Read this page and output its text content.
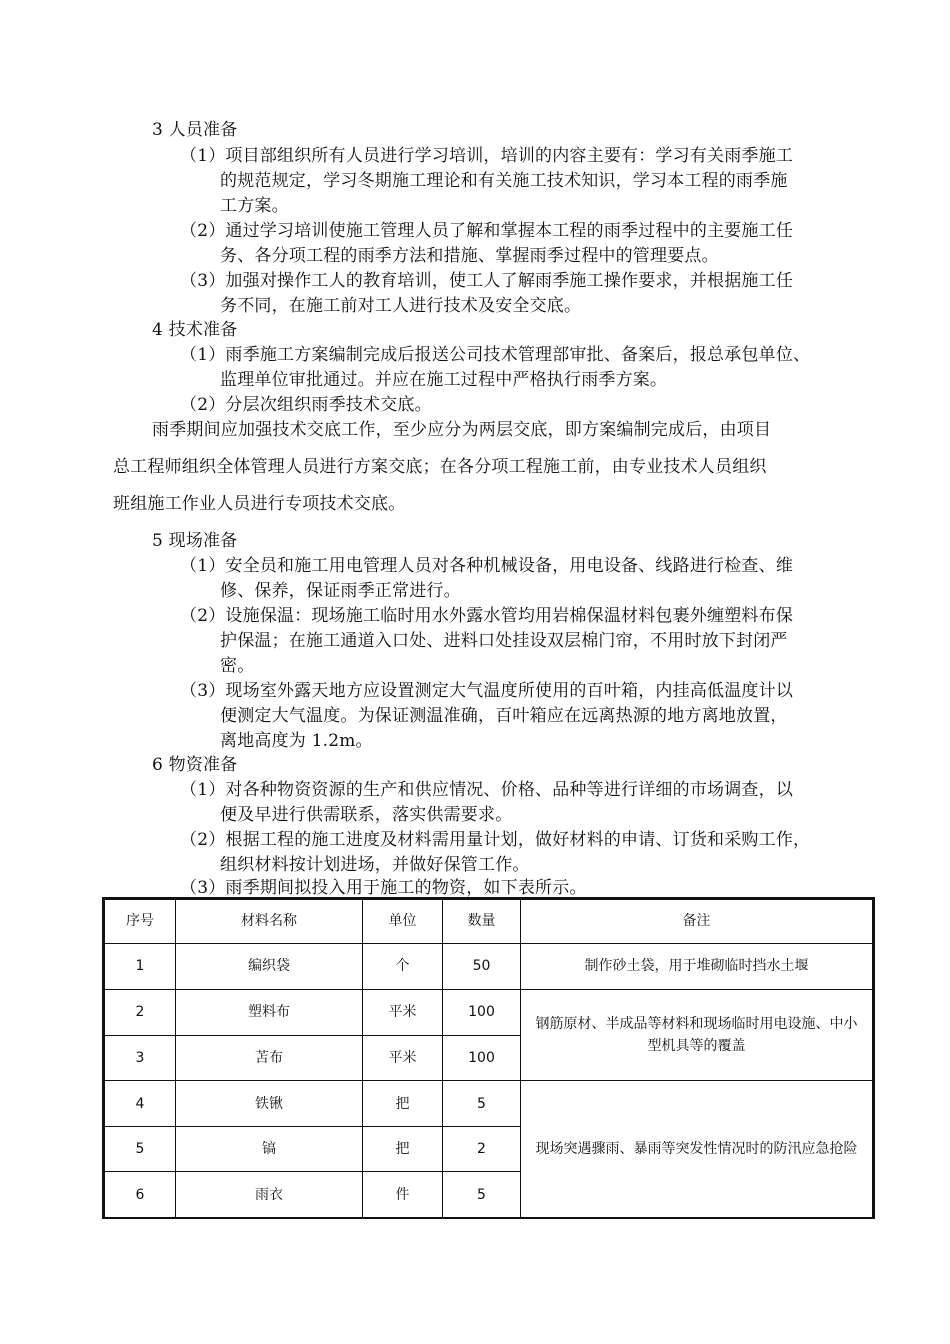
3 人员准备
（1）项目部组织所有人员进行学习培训，培训的内容主要有：学习有关雨季施工
的规范规定，学习冬期施工理论和有关施工技术知识，学习本工程的雨季施
工方案。
（2）通过学习培训使施工管理人员了解和掌握本工程的雨季过程中的主要施工任
务、各分项工程的雨季方法和措施、掌握雨季过程中的管理要点。
（3）加强对操作工人的教育培训，使工人了解雨季施工操作要求，并根据施工任
务不同，在施工前对工人进行技术及安全交底。
4 技术准备
（1）雨季施工方案编制完成后报送公司技术管理部审批、备案后，报总承包单位、
监理单位审批通过。并应在施工过程中严格执行雨季方案。
（2）分层次组织雨季技术交底。
雨季期间应加强技术交底工作，至少应分为两层交底，即方案编制完成后，由项目
总工程师组织全体管理人员进行方案交底；在各分项工程施工前，由专业技术人员组织
班组施工作业人员进行专项技术交底。
5 现场准备
（1）安全员和施工用电管理人员对各种机械设备，用电设备、线路进行检查、维
修、保养，保证雨季正常进行。
（2）设施保温：现场施工临时用水外露水管均用岩棉保温材料包裹外缠塑料布保
护保温；在施工通道入口处、进料口处挂设双层棉门帘，不用时放下封闭严
密。
（3）现场室外露天地方应设置测定大气温度所使用的百叶箱，内挂高低温度计以
便测定大气温度。为保证测温准确，百叶箱应在远离热源的地方离地放置，
离地高度为 1.2m。
6 物资准备
（1）对各种物资资源的生产和供应情况、价格、品种等进行详细的市场调查，以
便及早进行供需联系，落实供需要求。
（2）根据工程的施工进度及材料需用量计划，做好材料的申请、订货和采购工作，
组织材料按计划进场，并做好保管工作。
（3）雨季期间拟投入用于施工的物资，如下表所示。
序号	材料名称	单位	数量	备注
1	编织袋	个	50	制作砂土袋，用于堆砌临时挡水土堰
2	塑料布	平米	100	钢筋原材、半成品等材料和现场临时用电设施、中小型机具等的覆盖
3	苫布	平米	100	
4	铁锹	把	5	现场突遇骤雨、暴雨等突发性情况时的防汛应急抢险
5	镐	把	2	
6	雨衣	件	5	
